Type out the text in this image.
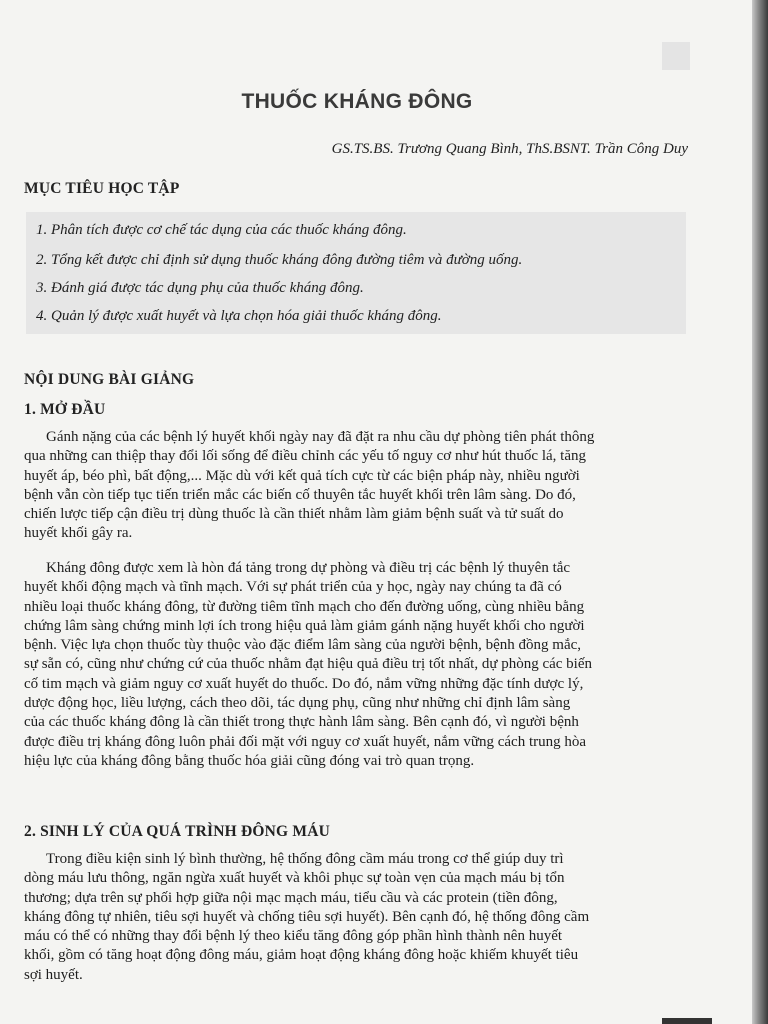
THUỐC KHÁNG ĐÔNG
GS.TS.BS. Trương Quang Bình, ThS.BSNT. Trần Công Duy
MỤC TIÊU HỌC TẬP
1. Phân tích được cơ chế tác dụng của các thuốc kháng đông.
2. Tổng kết được chỉ định sử dụng thuốc kháng đông đường tiêm và đường uống.
3. Đánh giá được tác dụng phụ của thuốc kháng đông.
4. Quản lý được xuất huyết và lựa chọn hóa giải thuốc kháng đông.
NỘI DUNG BÀI GIẢNG
1. MỞ ĐẦU
Gánh nặng của các bệnh lý huyết khối ngày nay đã đặt ra nhu cầu dự phòng tiên phát thông
qua những can thiệp thay đổi lối sống để điều chỉnh các yếu tố nguy cơ như hút thuốc lá, tăng
huyết áp, béo phì, bất động,... Mặc dù với kết quả tích cực từ các biện pháp này, nhiều người
bệnh vẫn còn tiếp tục tiến triển mắc các biến cố thuyên tắc huyết khối trên lâm sàng. Do đó,
chiến lược tiếp cận điều trị dùng thuốc là cần thiết nhằm làm giảm bệnh suất và tử suất do
huyết khối gây ra.
Kháng đông được xem là hòn đá tảng trong dự phòng và điều trị các bệnh lý thuyên tắc
huyết khối động mạch và tĩnh mạch. Với sự phát triển của y học, ngày nay chúng ta đã có
nhiều loại thuốc kháng đông, từ đường tiêm tĩnh mạch cho đến đường uống, cùng nhiều bằng
chứng lâm sàng chứng minh lợi ích trong hiệu quả làm giảm gánh nặng huyết khối cho người
bệnh. Việc lựa chọn thuốc tùy thuộc vào đặc điểm lâm sàng của người bệnh, bệnh đồng mắc,
sự sẵn có, cũng như chứng cứ của thuốc nhằm đạt hiệu quả điều trị tốt nhất, dự phòng các biến
cố tim mạch và giảm nguy cơ xuất huyết do thuốc. Do đó, nắm vững những đặc tính dược lý,
dược động học, liều lượng, cách theo dõi, tác dụng phụ, cũng như những chỉ định lâm sàng
của các thuốc kháng đông là cần thiết trong thực hành lâm sàng. Bên cạnh đó, vì người bệnh
được điều trị kháng đông luôn phải đối mặt với nguy cơ xuất huyết, nắm vững cách trung hòa
hiệu lực của kháng đông bằng thuốc hóa giải cũng đóng vai trò quan trọng.
2. SINH LÝ CỦA QUÁ TRÌNH ĐÔNG MÁU
Trong điều kiện sinh lý bình thường, hệ thống đông cầm máu trong cơ thể giúp duy trì
dòng máu lưu thông, ngăn ngừa xuất huyết và khôi phục sự toàn vẹn của mạch máu bị tổn
thương; dựa trên sự phối hợp giữa nội mạc mạch máu, tiểu cầu và các protein (tiền đông,
kháng đông tự nhiên, tiêu sợi huyết và chống tiêu sợi huyết). Bên cạnh đó, hệ thống đông cầm
máu có thể có những thay đổi bệnh lý theo kiểu tăng đông góp phần hình thành nên huyết
khối, gồm có tăng hoạt động đông máu, giảm hoạt động kháng đông hoặc khiếm khuyết tiêu
sợi huyết.
